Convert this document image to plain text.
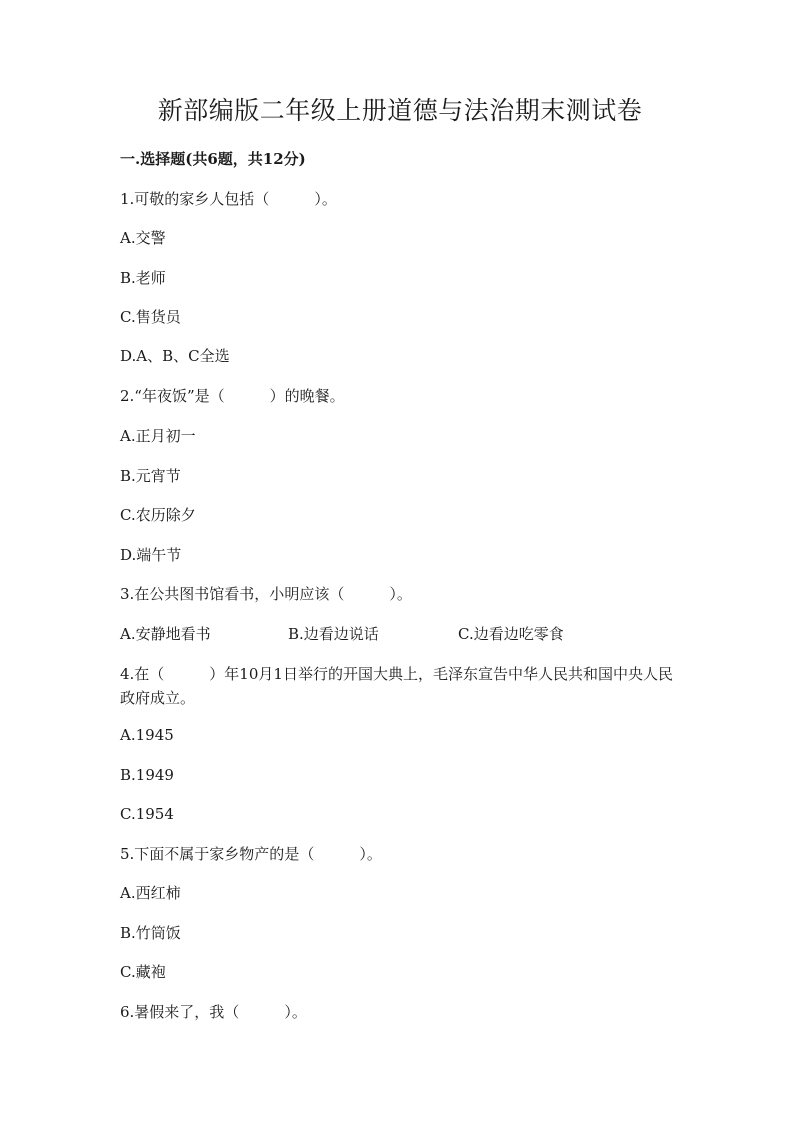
新部编版二年级上册道德与法治期末测试卷
一.选择题(共6题，共12分)
1.可敬的家乡人包括（　　　）。
A.交警
B.老师
C.售货员
D.A、B、C全选
2.“年夜饭”是（　　　）的晚餐。
A.正月初一
B.元宵节
C.农历除夕
D.端午节
3.在公共图书馆看书，小明应该（　　　）。
A.安静地看书	B.边看边说话	C.边看边吃零食
4.在（　　　）年10月1日举行的开国大典上，毛泽东宣告中华人民共和国中央人民政府成立。
A.1945
B.1949
C.1954
5.下面不属于家乡物产的是（　　　）。
A.西红柿
B.竹筒饭
C.藏袍
6.暑假来了，我（　　　）。
